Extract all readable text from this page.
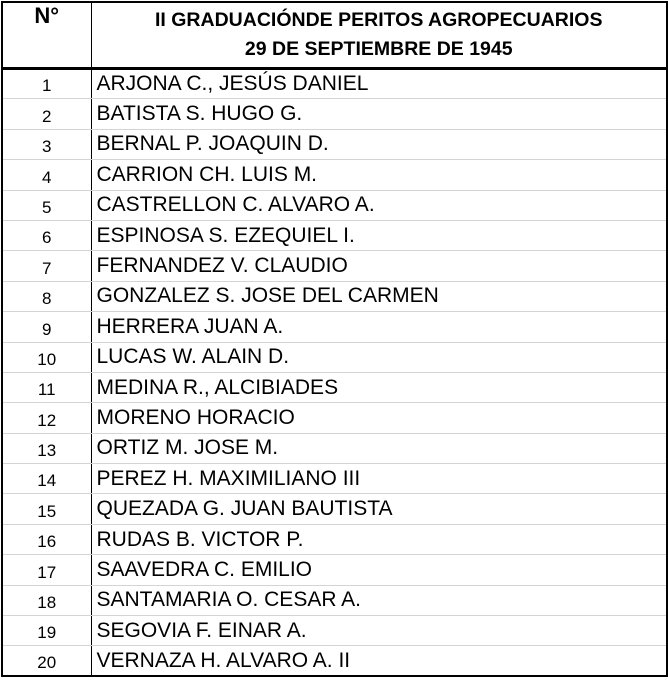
N°	II GRADUACIÓNDE PERITOS AGROPECUARIOS
29 DE SEPTIEMBRE DE 1945

1	ARJONA C., JESÚS DANIEL
2	BATISTA S. HUGO G.
3	BERNAL P. JOAQUIN D.
4	CARRION CH. LUIS M.
5	CASTRELLON C. ALVARO A.
6	ESPINOSA S. EZEQUIEL I.
7	FERNANDEZ V. CLAUDIO
8	GONZALEZ S. JOSE DEL CARMEN
9	HERRERA JUAN A.
10	LUCAS W. ALAIN D.
11	MEDINA R., ALCIBIADES
12	MORENO HORACIO
13	ORTIZ M. JOSE M.
14	PEREZ H. MAXIMILIANO III
15	QUEZADA G. JUAN BAUTISTA
16	RUDAS B. VICTOR P.
17	SAAVEDRA C. EMILIO
18	SANTAMARIA O. CESAR A.
19	SEGOVIA F. EINAR A.
20	VERNAZA H. ALVARO A. II
